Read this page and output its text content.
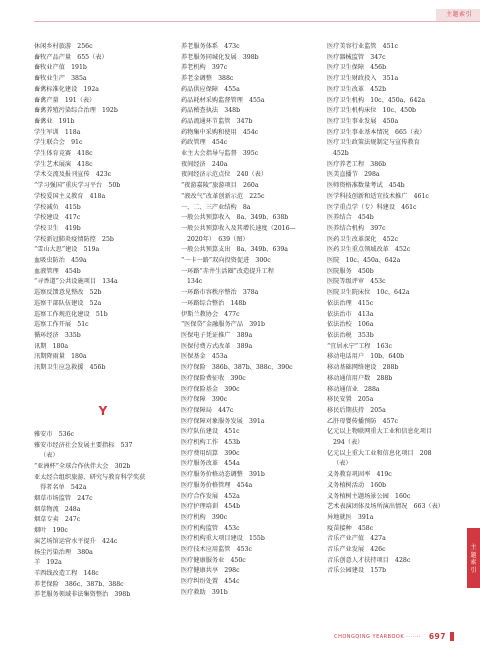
主题索引
休闲乡村旅游　256c
畜牧产品产量　655（表）
畜牧业产值　191b
畜牧业生产　385a
畜禽标准化建设　192a
畜禽产量　191（表）
畜禽养殖污染综合治理　192b
畜禽业　191b
学生军训　118a
学生联合会　91c
学生体育竞赛　418c
学生艺术展演　418c
学术交流及报刊宣传　423c
“学习强国”重庆学习平台　50b
学校爱国主义教育　418a
学校减负　415b
学校建设　417c
学校卫生　419b
学校新冠肺炎疫情防控　25b
“雪山大思”建设　519a
血吸虫防治　459a
血液管理　454b
“寻香道”公共设施项目　134a
巡察反馈意见整改　52b
巡察干部队伍建设　52a
巡察工作规范化建设　51b
巡察工作开展　51c
循环经济　335b
讯期　180a
汛期降雨量　180a
汛期卫生应急救援　456b
Y
雅安市　536c
雅安市经济社会发展主要指标　537
（表）
“亚洲杯”全球合作伙伴大会　302b
亚太经合组织旅游、研究与教育科学奖获
得者名单　542a
烟草市场监管　247c
烟草物流　248a
烟草专卖　247c
烟叶　190c
演艺场馆运营水平提升　424c
扬尘污染治理　380a
羊　192a
羊西线改造工程　148c
养老保险　386c、387b、388c
养老服务领域非法集资整治　398b
养老服务体系　473c
养老服务同城化发展　398b
养老机构　397c
养老金调整　388c
药品供应保障　455a
药品耗材采购监督管理　455a
药品稽查执法　348b
药品流通环节监管　347b
药物集中采购和使用　454c
药政管理　454c
业主大会指导与监督　395c
夜间经济　240a
夜间经济示范点位　240（表）
“夜游嘉陵”旅游项目　260a
“液改气”改革创新示范　225c
一、二、三产业结构　8a
一般公共预算收入　8a、349b、638b
一般公共预算收入及其增长速度（2016—
2020年）　639（图）
一般公共预算支出　8a、349b、639a
“一卡一路”双向投资促进　300c
一环路“赤井生活圈”改造提升工程
134c
一环路市容秩序整治　378a
一环路综合整治　148b
伊斯兰教协会　477c
“医保贷”金融服务产品　391b
医保电子凭证推广　389a
医保付费方式改革　389a
医保基金　453a
医疗保险　386b、387b、388c、390c
医疗保险费征收　390c
医疗保险基金　390c
医疗保障　390c
医疗保障局　447c
医疗保障对象服务发展　391a
医疗队伍建设　451c
医疗机构工作　453b
医疗费用结算　390c
医疗服务改革　454a
医疗服务价格动态调整　391b
医疗服务价格管理　454a
医疗合作发展　452a
医疗护理培训　454b
医疗机构　390c
医疗机构监管　453c
医疗机构重大项目建设　155b
医疗技术应用监管　453c
医疗健康服务业　450c
医疗健康共享　298c
医疗纠纷处置　454c
医疗救助　391b
医疗美容行业监管　451c
医疗器械监管　347c
医疗卫生保障　456b
医疗卫生财政投入　351a
医疗卫生改革　452b
医疗卫生机构　10c、450a、642a
医疗卫生机构床位　10c、450b
医疗卫生事业发展　450a
医疗卫生事业基本情况　665（表）
医疗卫生政策法规制定与宣传教育
452b
医疗养老工程　386b
医美直播节　298a
医师资格准数量考试　454b
医学科技创新和适宜技术推广　461c
医学重点学（专）科建设　461c
医养结合　454b
医养结合机构　397c
医药卫生改革深化　452c
医药卫生重点领域改革　452c
医院　10c、450a、642a
医院服务　450b
医院等级评审　453c
医院卫生院床位　10c、642a
依法治理　415c
依法治市　413a
依法治校　106a
依法治税　353b
“宜居永宁”工程　163c
移动电话用户　10b、640b
移动基础网络建设　288b
移动通信用户数　288b
移动通信业　288a
移民安置　205a
移民后期扶持　205a
乙肝母婴传播预防　457c
亿元以上物联网重大工业和信息化项目
294（表）
亿元以上重大工业和信息化项目　208
（表）
义务教育巩固率　419c
义务植树活动　160b
义务植树主题场景公园　160c
艺术表演团体及场所演出情况　663（表）
异地就医　391a
疫苗接种　458c
音乐产业产值　427a
音乐产业发展　426c
音乐创意人才扶持项目　428c
音乐公园建设　157b
主
题
索
引
CHONGQING YEARBOOK ······· 697
